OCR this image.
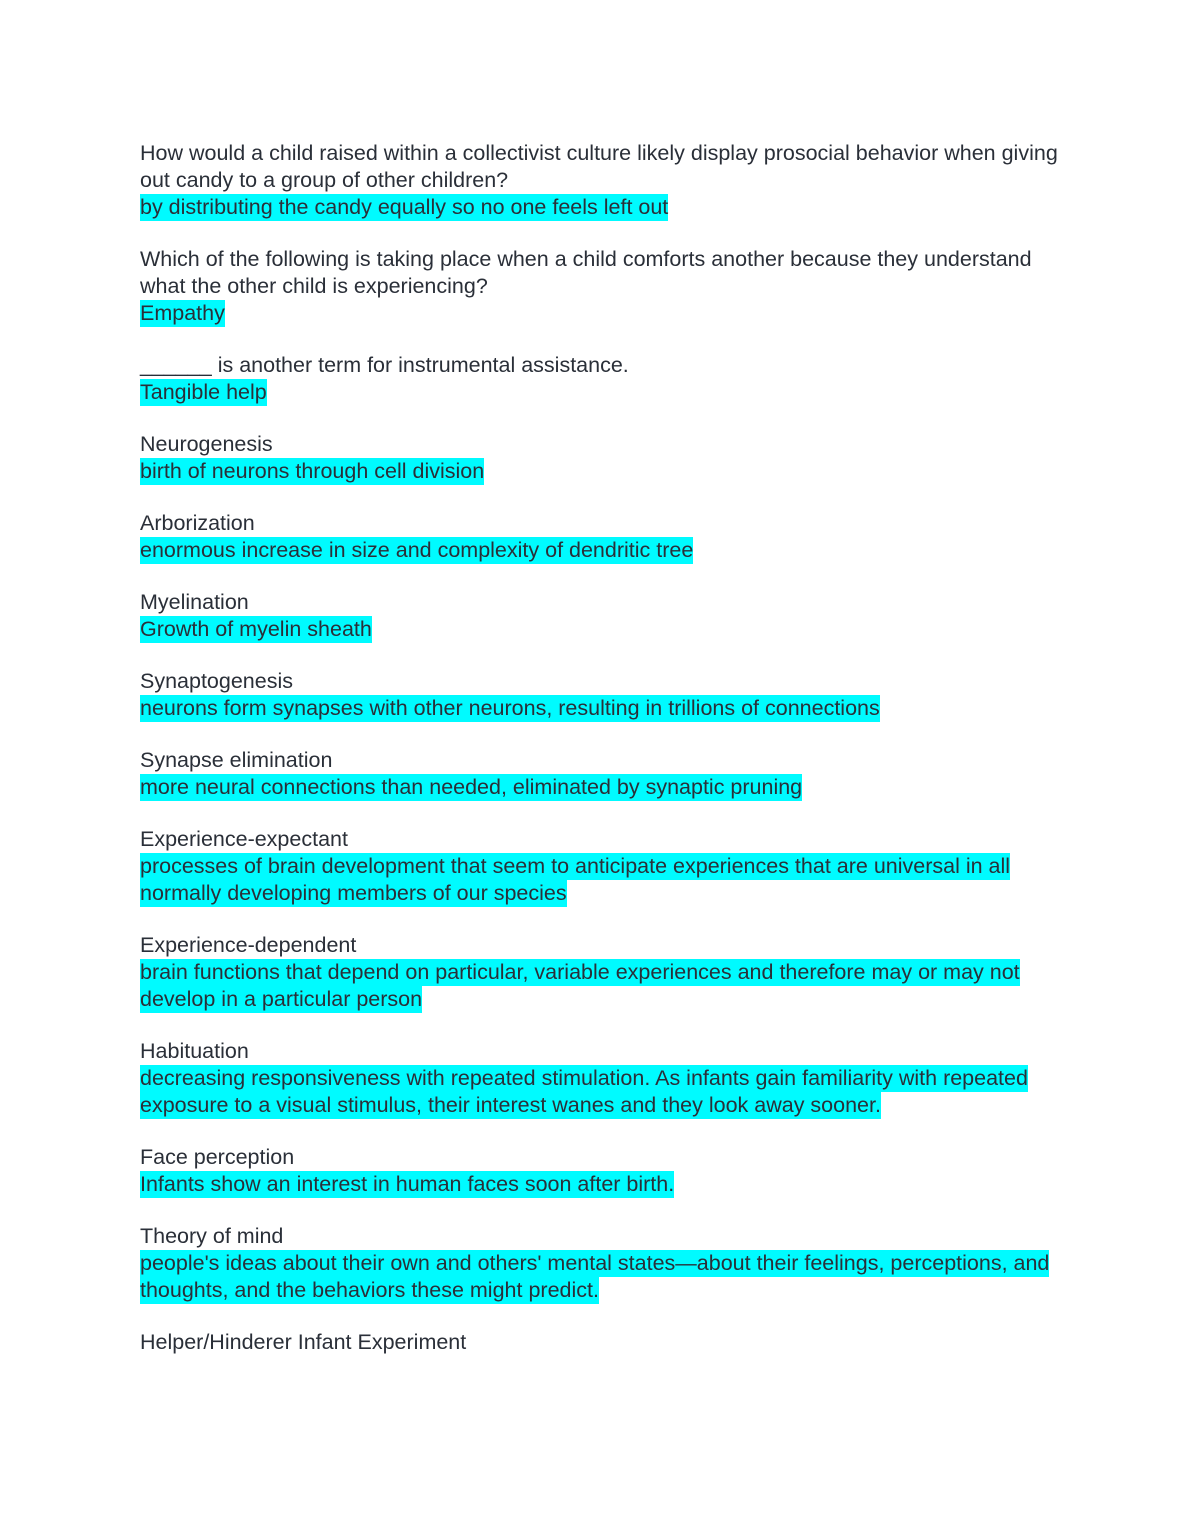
How would a child raised within a collectivist culture likely display prosocial behavior when giving out candy to a group of other children?

by distributing the candy equally so no one feels left out

Which of the following is taking place when a child comforts another because they understand what the other child is experiencing?

Empathy

______ is another term for instrumental assistance.

Tangible help

Neurogenesis

birth of neurons through cell division

Arborization

enormous increase in size and complexity of dendritic tree

Myelination

Growth of myelin sheath

Synaptogenesis

neurons form synapses with other neurons, resulting in trillions of connections

Synapse elimination

more neural connections than needed, eliminated by synaptic pruning

Experience-expectant

processes of brain development that seem to anticipate experiences that are universal in all normally developing members of our species

Experience-dependent

brain functions that depend on particular, variable experiences and therefore may or may not develop in a particular person

Habituation

decreasing responsiveness with repeated stimulation. As infants gain familiarity with repeated exposure to a visual stimulus, their interest wanes and they look away sooner.

Face perception

Infants show an interest in human faces soon after birth.

Theory of mind

people's ideas about their own and others' mental states—about their feelings, perceptions, and thoughts, and the behaviors these might predict.

Helper/Hinderer Infant Experiment
